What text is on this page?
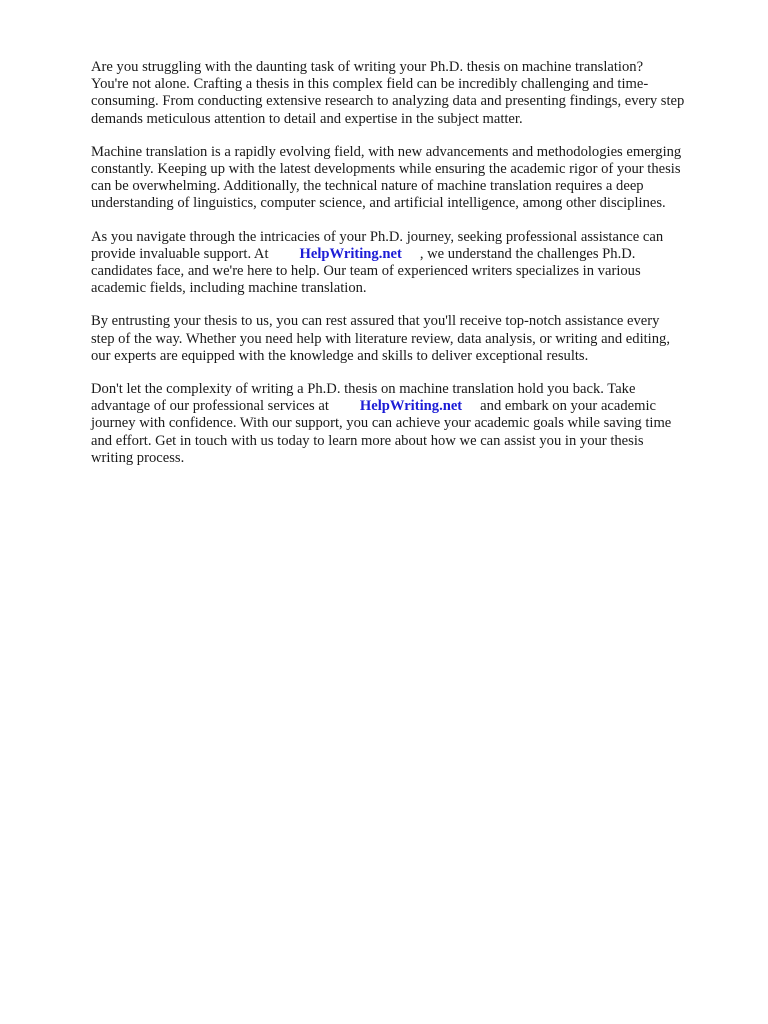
Are you struggling with the daunting task of writing your Ph.D. thesis on machine translation?
You're not alone. Crafting a thesis in this complex field can be incredibly challenging and time-
consuming. From conducting extensive research to analyzing data and presenting findings, every step
demands meticulous attention to detail and expertise in the subject matter.

Machine translation is a rapidly evolving field, with new advancements and methodologies emerging
constantly. Keeping up with the latest developments while ensuring the academic rigor of your thesis
can be overwhelming. Additionally, the technical nature of machine translation requires a deep
understanding of linguistics, computer science, and artificial intelligence, among other disciplines.

As you navigate through the intricacies of your Ph.D. journey, seeking professional assistance can
provide invaluable support. At HelpWriting.net , we understand the challenges Ph.D.
candidates face, and we're here to help. Our team of experienced writers specializes in various
academic fields, including machine translation.

By entrusting your thesis to us, you can rest assured that you'll receive top-notch assistance every
step of the way. Whether you need help with literature review, data analysis, or writing and editing,
our experts are equipped with the knowledge and skills to deliver exceptional results.

Don't let the complexity of writing a Ph.D. thesis on machine translation hold you back. Take
advantage of our professional services at HelpWriting.net and embark on your academic
journey with confidence. With our support, you can achieve your academic goals while saving time
and effort. Get in touch with us today to learn more about how we can assist you in your thesis
writing process.
